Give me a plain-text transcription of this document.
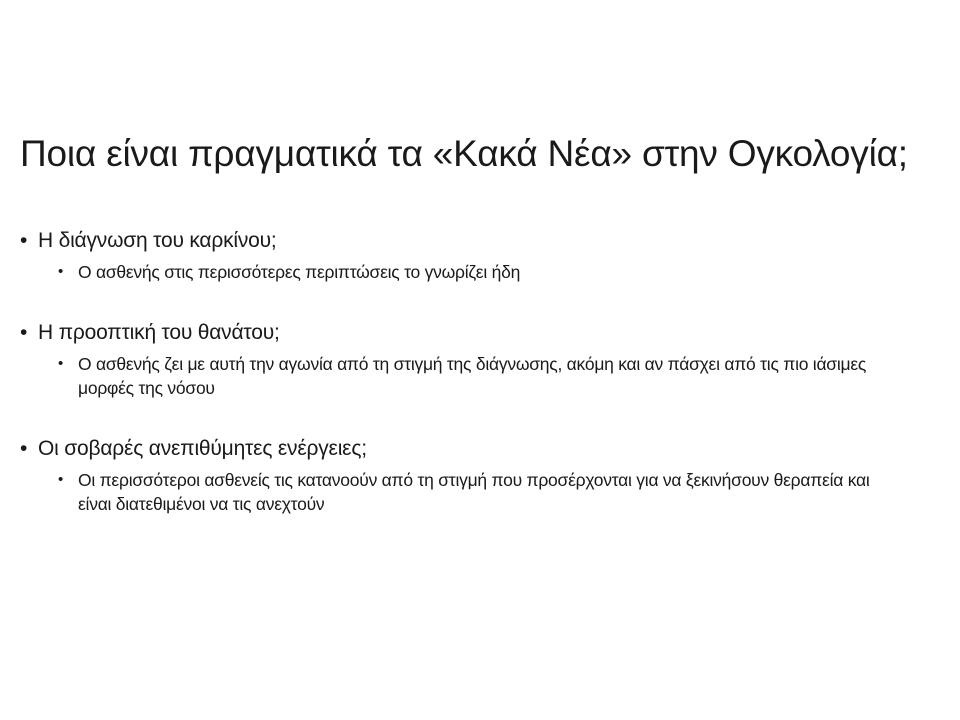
Ποια είναι πραγματικά τα «Κακά Νέα» στην Ογκολογία;
• Η διάγνωση του καρκίνου;
• Ο ασθενής στις περισσότερες περιπτώσεις το γνωρίζει ήδη
• Η προοπτική του θανάτου;
• Ο ασθενής ζει με αυτή την αγωνία από τη στιγμή της διάγνωσης, ακόμη και αν πάσχει από τις πιο ιάσιμες μορφές της νόσου
• Οι σοβαρές ανεπιθύμητες ενέργειες;
• Οι περισσότεροι ασθενείς τις κατανοούν από τη στιγμή που προσέρχονται για να ξεκινήσουν θεραπεία και είναι διατεθιμένοι να τις ανεχτούν
